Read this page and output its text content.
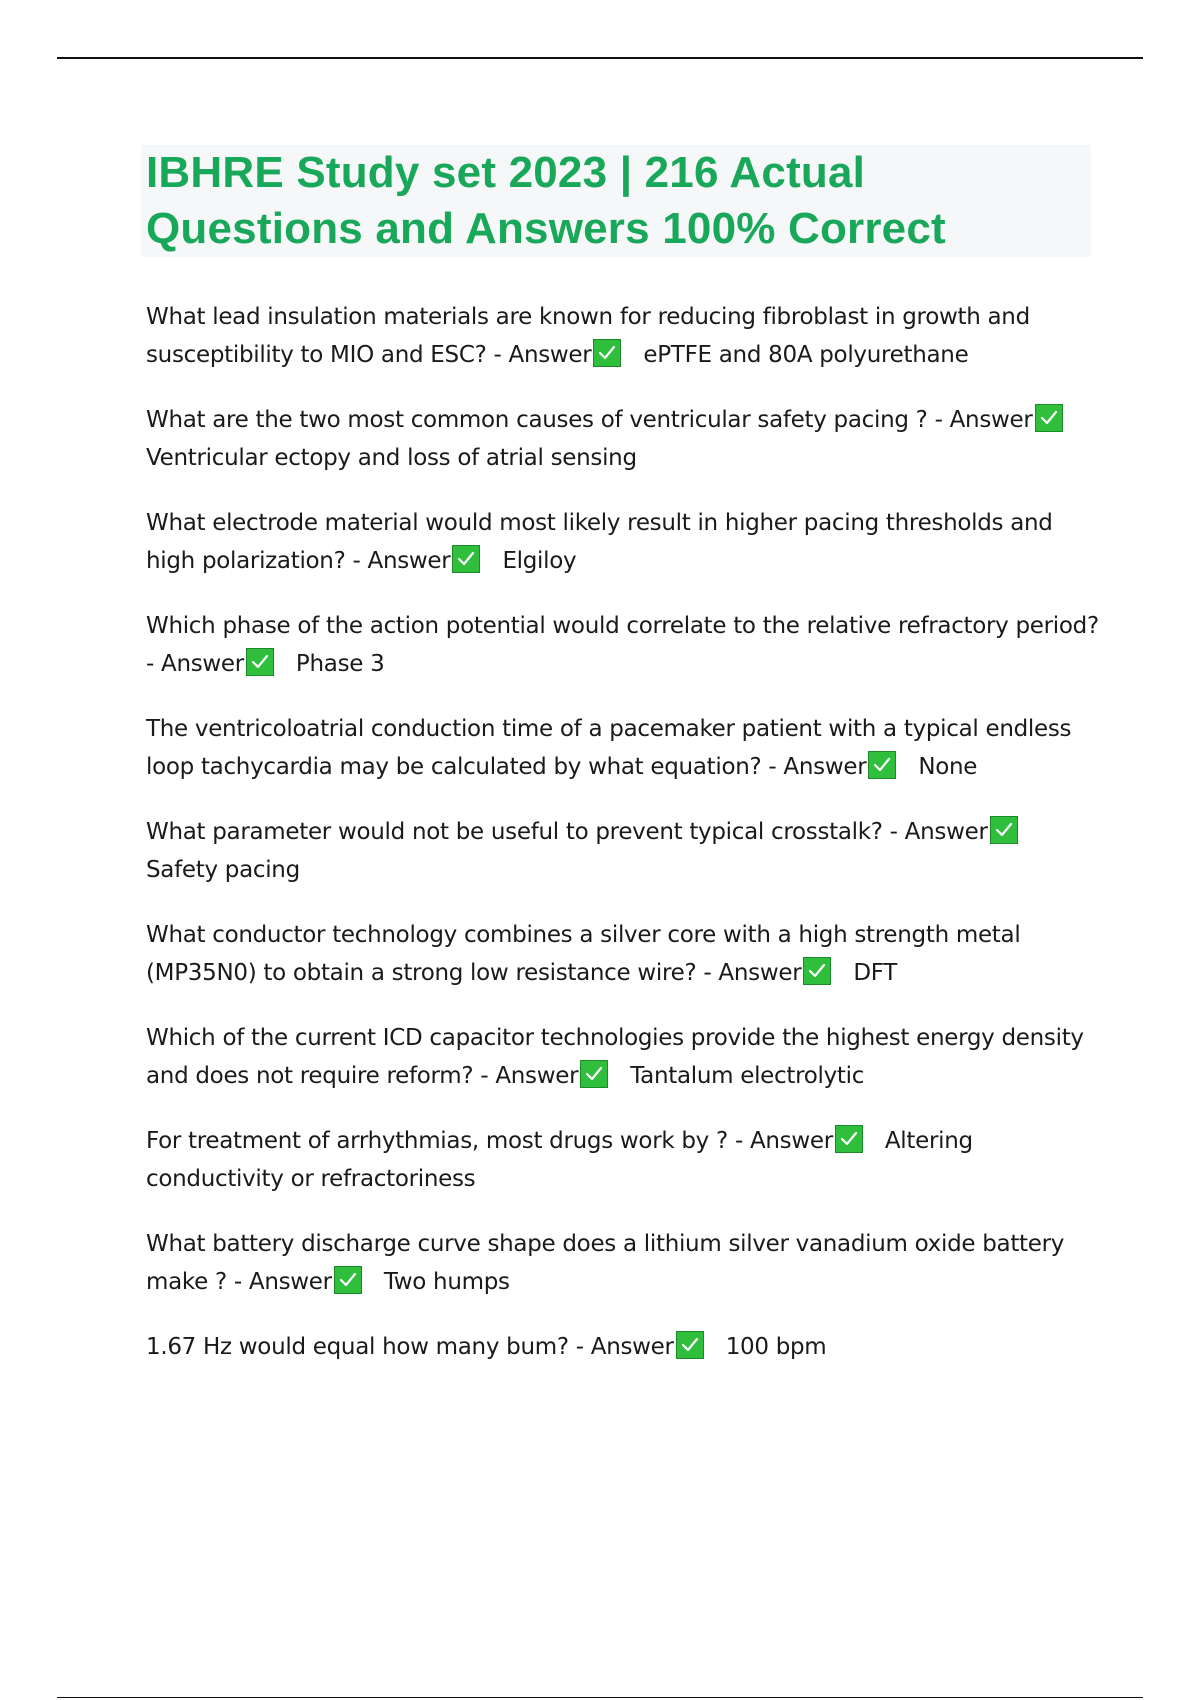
IBHRE Study set 2023 | 216 Actual Questions and Answers 100% Correct
What lead insulation materials are known for reducing fibroblast in growth and susceptibility to MIO and ESC? - Answer ePTFE and 80A polyurethane
What are the two most common causes of ventricular safety pacing ? - Answer
Ventricular ectopy and loss of atrial sensing
What electrode material would most likely result in higher pacing thresholds and high polarization? - Answer Elgiloy
Which phase of the action potential would correlate to the relative refractory period? - Answer Phase 3
The ventricoloatrial conduction time of a pacemaker patient with a typical endless loop tachycardia may be calculated by what equation? - Answer None
What parameter would not be useful to prevent typical crosstalk? - Answer
Safety pacing
What conductor technology combines a silver core with a high strength metal (MP35N0) to obtain a strong low resistance wire? - Answer DFT
Which of the current ICD capacitor technologies provide the highest energy density and does not require reform? - Answer Tantalum electrolytic
For treatment of arrhythmias, most drugs work by ? - Answer Altering conductivity or refractoriness
What battery discharge curve shape does a lithium silver vanadium oxide battery make ? - Answer Two humps
1.67 Hz would equal how many bum? - Answer 100 bpm
